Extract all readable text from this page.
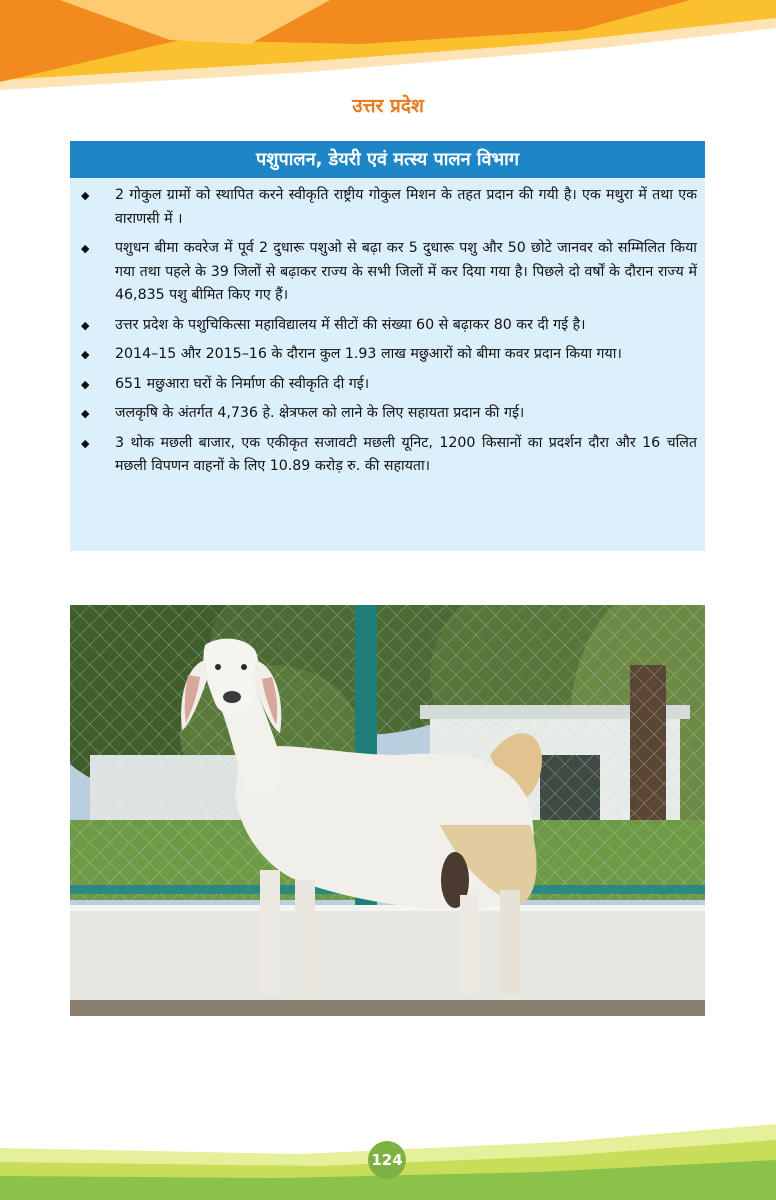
उत्तर प्रदेश
पशुपालन, डेयरी एवं मत्स्य पालन विभाग
◆ 2 गोकुल ग्रामों को स्थापित करने स्वीकृति राष्ट्रीय गोकुल मिशन के तहत प्रदान की गयी है। एक मथुरा में तथा एक वाराणसी में ।
◆ पशुधन बीमा कवरेज में पूर्व 2 दुधारू पशुओ से बढ़ा कर 5 दुधारू पशु और 50 छोटे जानवर को सम्मिलित किया गया तथा पहले के 39 जिलों से बढ़ाकर राज्य के सभी जिलों में कर दिया गया है। पिछले दो वर्षों के दौरान राज्य में 46,835 पशु बीमित किए गए हैं।
◆ उत्तर प्रदेश के पशुचिकित्सा महाविद्यालय में सीटों की संख्या 60 से बढ़ाकर 80 कर दी गई है।
◆ 2014–15 और 2015–16 के दौरान कुल 1.93 लाख मछुआरों को बीमा कवर प्रदान किया गया।
◆ 651 मछुआरा घरों के निर्माण की स्वीकृति दी गई।
◆ जलकृषि के अंतर्गत 4,736 हे. क्षेत्रफल को लाने के लिए सहायता प्रदान की गई।
◆ 3 थोक मछली बाजार, एक एकीकृत सजावटी मछली यूनिट, 1200 किसानों का प्रदर्शन दौरा और 16 चलित मछली विपणन वाहनों के लिए 10.89 करोड़ रु. की सहायता।
124
